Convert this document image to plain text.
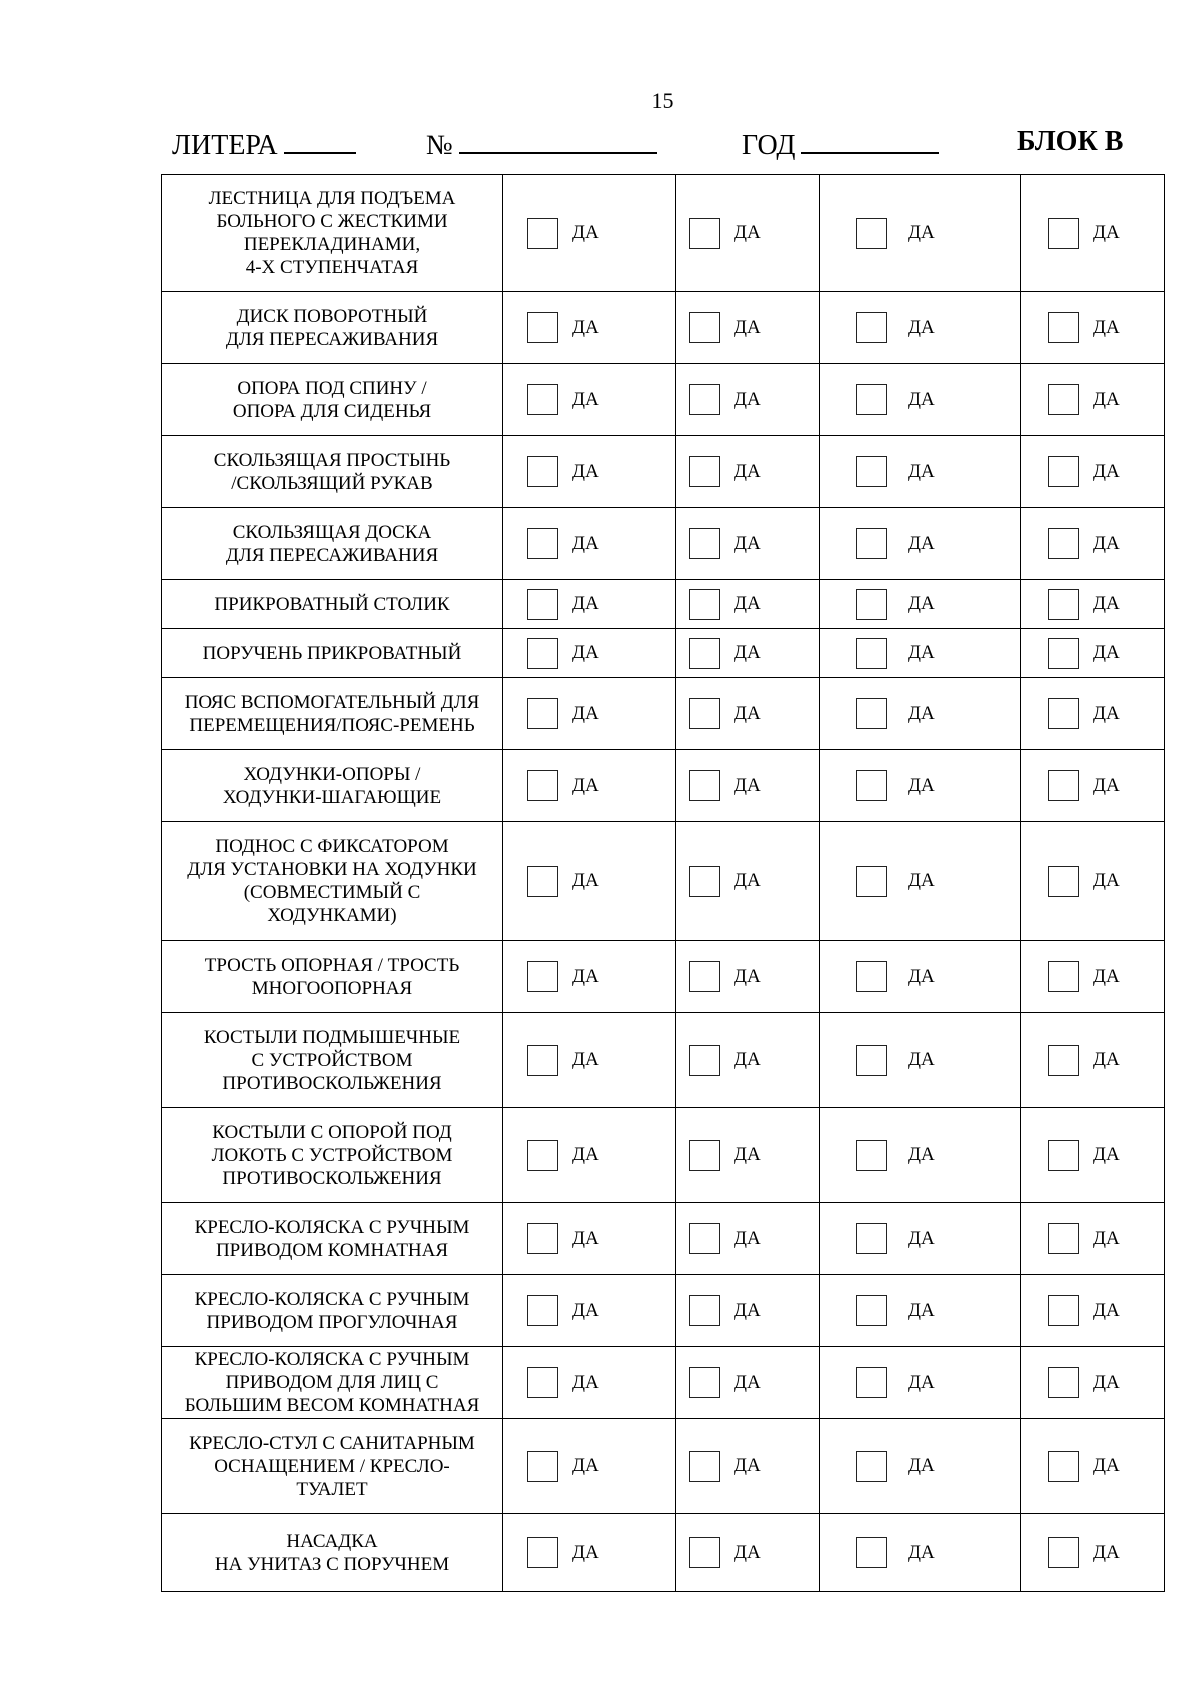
15
ЛИТЕРА	№	ГОД	БЛОК В
ЛЕСТНИЦА ДЛЯ ПОДЪЕМА
БОЛЬНОГО С ЖЕСТКИМИ
ПЕРЕКЛАДИНАМИ,
4-Х СТУПЕНЧАТАЯ	ДА	ДА	ДА	ДА

ДИСК ПОВОРОТНЫЙ
ДЛЯ ПЕРЕСАЖИВАНИЯ	ДА	ДА	ДА	ДА

ОПОРА ПОД СПИНУ /
ОПОРА ДЛЯ СИДЕНЬЯ	ДА	ДА	ДА	ДА

СКОЛЬЗЯЩАЯ ПРОСТЫНЬ
/СКОЛЬЗЯЩИЙ РУКАВ	ДА	ДА	ДА	ДА

СКОЛЬЗЯЩАЯ ДОСКА
ДЛЯ ПЕРЕСАЖИВАНИЯ	ДА	ДА	ДА	ДА

ПРИКРОВАТНЫЙ СТОЛИК	ДА	ДА	ДА	ДА

ПОРУЧЕНЬ ПРИКРОВАТНЫЙ	ДА	ДА	ДА	ДА

ПОЯС ВСПОМОГАТЕЛЬНЫЙ ДЛЯ
ПЕРЕМЕЩЕНИЯ/ПОЯС-РЕМЕНЬ	ДА	ДА	ДА	ДА

ХОДУНКИ-ОПОРЫ /
ХОДУНКИ-ШАГАЮЩИЕ	ДА	ДА	ДА	ДА

ПОДНОС С ФИКСАТОРОМ
ДЛЯ УСТАНОВКИ НА ХОДУНКИ
(СОВМЕСТИМЫЙ С
ХОДУНКАМИ)	ДА	ДА	ДА	ДА

ТРОСТЬ ОПОРНАЯ / ТРОСТЬ
МНОГООПОРНАЯ	ДА	ДА	ДА	ДА

КОСТЫЛИ ПОДМЫШЕЧНЫЕ
С УСТРОЙСТВОМ
ПРОТИВОСКОЛЬЖЕНИЯ	ДА	ДА	ДА	ДА

КОСТЫЛИ С ОПОРОЙ ПОД
ЛОКОТЬ С УСТРОЙСТВОМ
ПРОТИВОСКОЛЬЖЕНИЯ	ДА	ДА	ДА	ДА

КРЕСЛО-КОЛЯСКА С РУЧНЫМ
ПРИВОДОМ КОМНАТНАЯ	ДА	ДА	ДА	ДА

КРЕСЛО-КОЛЯСКА С РУЧНЫМ
ПРИВОДОМ ПРОГУЛОЧНАЯ	ДА	ДА	ДА	ДА

КРЕСЛО-КОЛЯСКА С РУЧНЫМ
ПРИВОДОМ ДЛЯ ЛИЦ С
БОЛЬШИМ ВЕСОМ КОМНАТНАЯ	ДА	ДА	ДА	ДА

КРЕСЛО-СТУЛ С САНИТАРНЫМ
ОСНАЩЕНИЕМ / КРЕСЛО-
ТУАЛЕТ	ДА	ДА	ДА	ДА

НАСАДКА
НА УНИТАЗ С ПОРУЧНЕМ	ДА	ДА	ДА	ДА
